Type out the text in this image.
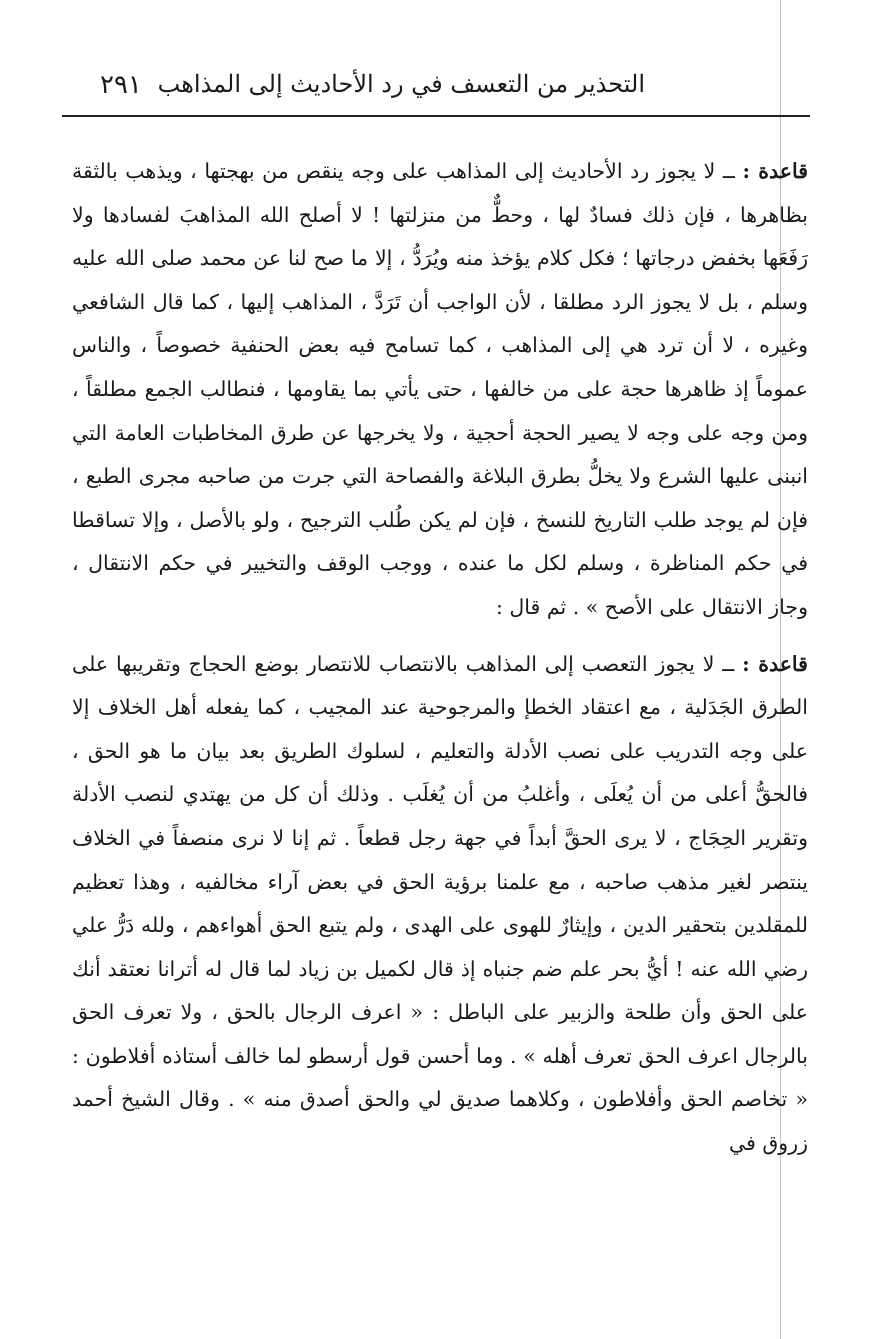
التحذير من التعسف في رد الأحاديث إلى المذاهب
٢٩١

قاعدة : ــ لا يجوز رد الأحاديث إلى المذاهب على وجه ينقص من بهجتها ، ويذهب بالثقة بظاهرها ، فإن ذلك فسادٌ لها ، وحطٌّ من منزلتها ! لا أصلح الله المذاهبَ لفسادها ولا رَفَعَها بخفض درجاتها ؛ فكل كلام يؤخذ منه ويُرَدُّ ، إلا ما صح لنا عن محمد صلى الله عليه وسلم ، بل لا يجوز الرد مطلقا ، لأن الواجب أن تَرَدَّ ، المذاهب إليها ، كما قال الشافعي وغيره ، لا أن ترد هي إلى المذاهب ، كما تسامح فيه بعض الحنفية خصوصاً ، والناس عموماً إذ ظاهرها حجة على من خالفها ، حتى يأتي بما يقاومها ، فنطالب الجمع مطلقاً ، ومن وجه على وجه لا يصير الحجة أحجية ، ولا يخرجها عن طرق المخاطبات العامة التي انبنى عليها الشرع ولا يخلُّ بطرق البلاغة والفصاحة التي جرت من صاحبه مجرى الطبع ، فإن لم يوجد طلب التاريخ للنسخ ، فإن لم يكن طُلب الترجيح ، ولو بالأصل ، وإلا تساقطا في حكم المناظرة ، وسلم لكل ما عنده ، ووجب الوقف والتخيير في حكم الانتقال ، وجاز الانتقال على الأصح » . ثم قال :

قاعدة : ــ لا يجوز التعصب إلى المذاهب بالانتصاب للانتصار بوضع الحجاج وتقريبها على الطرق الجَدَلية ، مع اعتقاد الخطإ والمرجوحية عند المجيب ، كما يفعله أهل الخلاف إلا على وجه التدريب على نصب الأدلة والتعليم ، لسلوك الطريق بعد بيان ما هو الحق ، فالحقُّ أعلى من أن يُعلَى ، وأغلبُ من أن يُغلَب . وذلك أن كل من يهتدي لنصب الأدلة وتقرير الحِجَاج ، لا يرى الحقَّ أبداً في جهة رجل قطعاً . ثم إنا لا نرى منصفاً في الخلاف ينتصر لغير مذهب صاحبه ، مع علمنا برؤية الحق في بعض آراء مخالفيه ، وهذا تعظيم للمقلدين بتحقير الدين ، وإيثارٌ للهوى على الهدى ، ولم يتبع الحق أهواءهم ، ولله دَرُّ علي رضي الله عنه ! أيُّ بحر علم ضم جنباه إذ قال لكميل بن زياد لما قال له أترانا نعتقد أنك على الحق وأن طلحة والزبير على الباطل : « اعرف الرجال بالحق ، ولا تعرف الحق بالرجال اعرف الحق تعرف أهله » . وما أحسن قول أرسطو لما خالف أستاذه أفلاطون : « تخاصم الحق وأفلاطون ، وكلاهما صديق لي والحق أصدق منه » . وقال الشيخ أحمد زروق في
